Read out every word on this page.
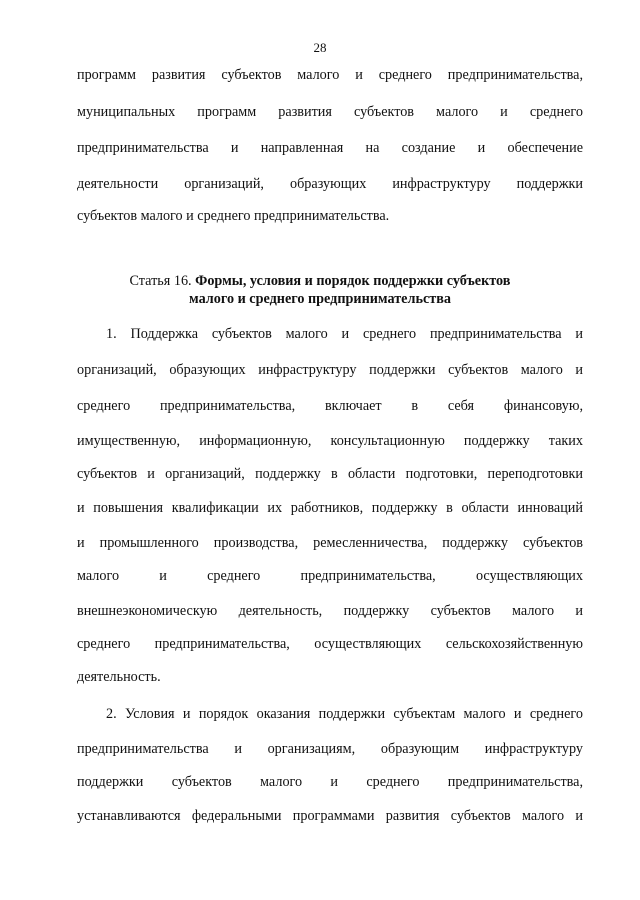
28
программ развития субъектов малого и среднего предпринимательства,
муниципальных программ развития субъектов малого и среднего
предпринимательства и направленная на создание и обеспечение
деятельности организаций, образующих инфраструктуру поддержки
субъектов малого и среднего предпринимательства.
Статья 16. Формы, условия и порядок поддержки субъектов
малого и среднего предпринимательства
1. Поддержка субъектов малого и среднего предпринимательства и
организаций, образующих инфраструктуру поддержки субъектов малого и
среднего предпринимательства, включает в себя финансовую,
имущественную, информационную, консультационную поддержку таких
субъектов и организаций, поддержку в области подготовки, переподготовки
и повышения квалификации их работников, поддержку в области инноваций
и промышленного производства, ремесленничества, поддержку субъектов
малого и среднего предпринимательства, осуществляющих
внешнеэкономическую деятельность, поддержку субъектов малого и
среднего предпринимательства, осуществляющих сельскохозяйственную
деятельность.
2. Условия и порядок оказания поддержки субъектам малого и среднего
предпринимательства и организациям, образующим инфраструктуру
поддержки субъектов малого и среднего предпринимательства,
устанавливаются федеральными программами развития субъектов малого и
